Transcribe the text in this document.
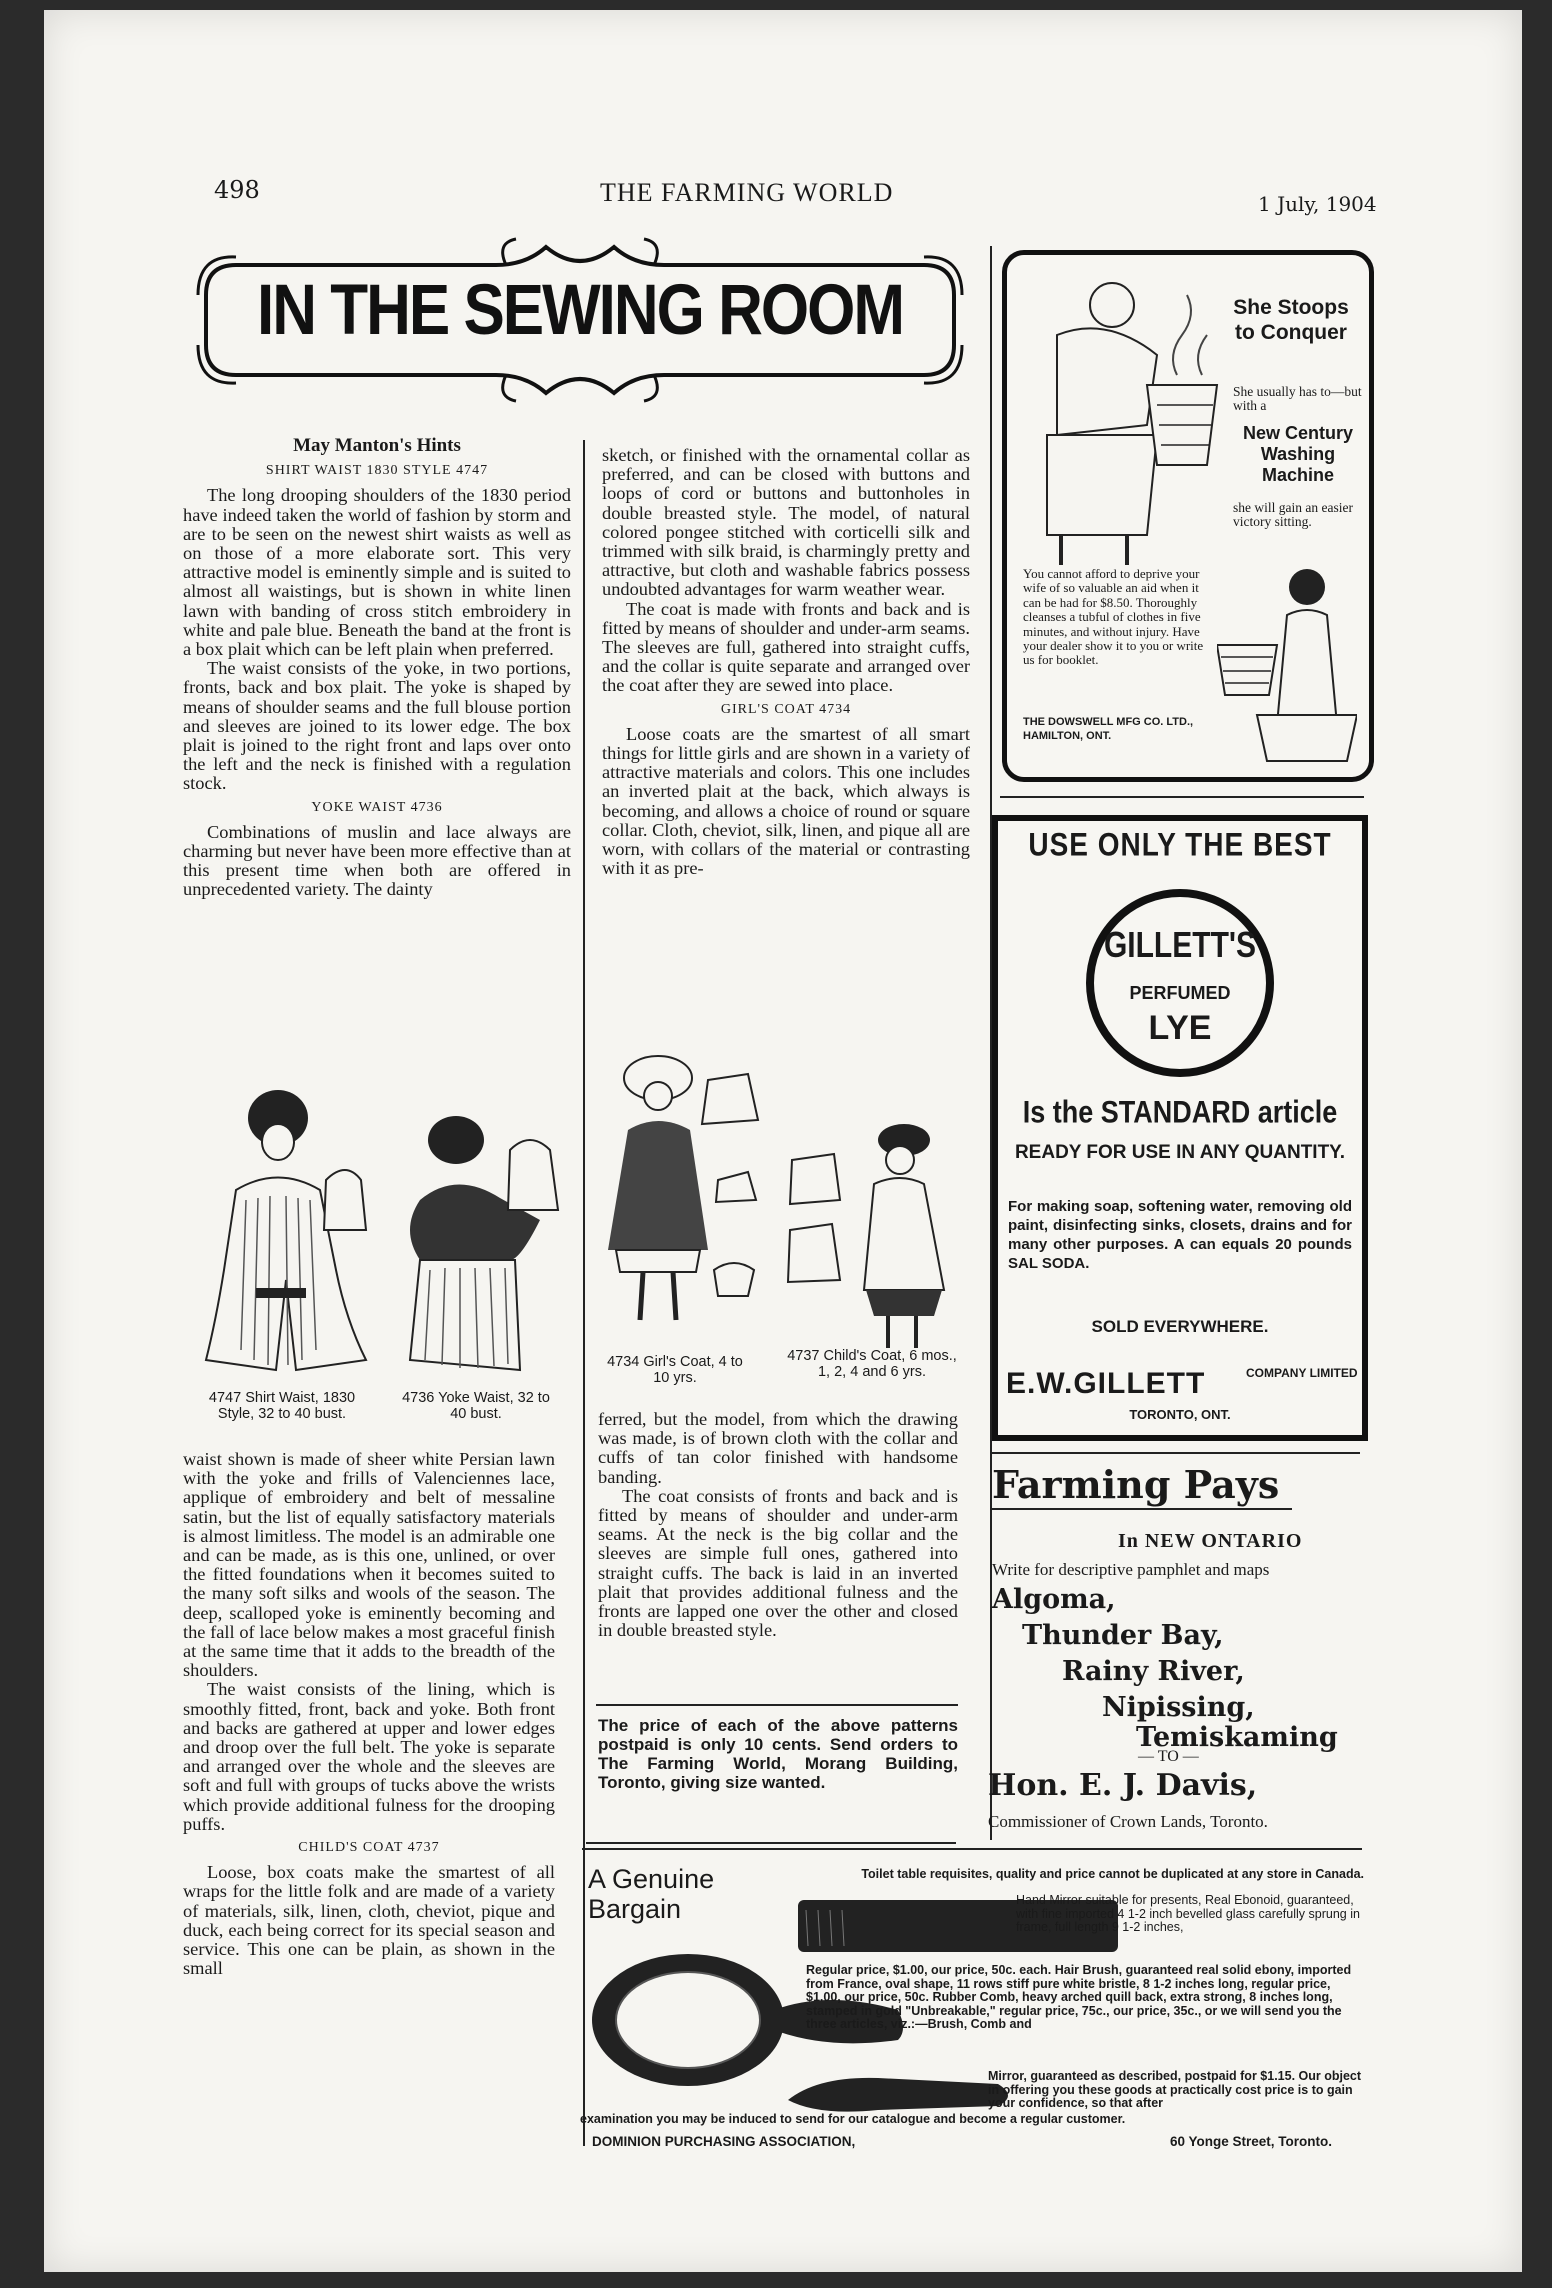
498	THE FARMING WORLD	1 July, 1904
IN THE SEWING ROOM
May Manton's Hints
SHIRT WAIST 1830 STYLE 4747

The long drooping shoulders of the 1830 period have indeed taken the world of fashion by storm and are to be seen on the newest shirt waists as well as on those of a more elaborate sort. This very attractive model is eminently simple and is suited to almost all waistings, but is shown in white linen lawn with banding of cross stitch embroidery in white and pale blue. Beneath the band at the front is a box plait which can be left plain when preferred.

The waist consists of the yoke, in two portions, fronts, back and box plait. The yoke is shaped by means of shoulder seams and the full blouse portion and sleeves are joined to its lower edge. The box plait is joined to the right front and laps over onto the left and the neck is finished with a regulation stock.

YOKE WAIST 4736

Combinations of muslin and lace always are charming but never have been more effective than at this present time when both are offered in unprecedented variety. The dainty

4747 Shirt Waist, 1830 Style, 32 to 40 bust.
4736 Yoke Waist, 32 to 40 bust.

waist shown is made of sheer white Persian lawn with the yoke and frills of Valenciennes lace, applique of embroidery and belt of messaline satin, but the list of equally satisfactory materials is almost limitless. The model is an admirable one and can be made, as is this one, unlined, or over the fitted foundations when it becomes suited to the many soft silks and wools of the season. The deep, scalloped yoke is eminently becoming and the fall of lace below makes a most graceful finish at the same time that it adds to the breadth of the shoulders.

The waist consists of the lining, which is smoothly fitted, front, back and yoke. Both front and backs are gathered at upper and lower edges and droop over the full belt. The yoke is separate and arranged over the whole and the sleeves are soft and full with groups of tucks above the wrists which provide additional fulness for the drooping puffs.

CHILD'S COAT 4737

Loose, box coats make the smartest of all wraps for the little folk and are made of a variety of materials, silk, linen, cloth, cheviot, pique and duck, each being correct for its special season and service. This one can be plain, as shown in the small

sketch, or finished with the ornamental collar as preferred, and can be closed with buttons and loops of cord or buttons and buttonholes in double breasted style. The model, of natural colored pongee stitched with corticelli silk and trimmed with silk braid, is charmingly pretty and attractive, but cloth and washable fabrics possess undoubted advantages for warm weather wear.

The coat is made with fronts and back and is fitted by means of shoulder and under-arm seams. The sleeves are full, gathered into straight cuffs, and the collar is quite separate and arranged over the coat after they are sewed into place.

GIRL'S COAT 4734

Loose coats are the smartest of all smart things for little girls and are shown in a variety of attractive materials and colors. This one includes an inverted plait at the back, which always is becoming, and allows a choice of round or square collar. Cloth, cheviot, silk, linen, and pique all are worn, with collars of the material or contrasting with it as pre-

4734 Girl's Coat, 4 to 10 yrs.
4737 Child's Coat, 6 mos., 1, 2, 4 and 6 yrs.

ferred, but the model, from which the drawing was made, is of brown cloth with the collar and cuffs of tan color finished with handsome banding.

The coat consists of fronts and back and is fitted by means of shoulder and under-arm seams. At the neck is the big collar and the sleeves are simple full ones, gathered into straight cuffs. The back is laid in an inverted plait that provides additional fulness and the fronts are lapped one over the other and closed in double breasted style.

The price of each of the above patterns postpaid is only 10 cents. Send orders to The Farming World, Morang Building, Toronto, giving size wanted.
She Stoops to Conquer
She usually has to—but with a
New Century Washing Machine
she will gain an easier victory sitting.
You cannot afford to deprive your wife of so valuable an aid when it can be had for $8.50. Thoroughly cleanses a tubful of clothes in five minutes, and without injury. Have your dealer show it to you or write us for booklet.
THE DOWSWELL MFG CO. LTD., HAMILTON, ONT.
USE ONLY THE BEST
GILLETT'S
PERFUMED
LYE
Is the STANDARD article
READY FOR USE IN ANY QUANTITY.
For making soap, softening water, removing old paint, disinfecting sinks, closets, drains and for many other purposes. A can equals 20 pounds SAL SODA.
SOLD EVERYWHERE.
E.W.GILLETT	COMPANY LIMITED
TORONTO, ONT.
Farming Pays
In NEW ONTARIO
Write for descriptive pamphlet and maps
Algoma,
Thunder Bay,
Rainy River,
Nipissing,
Temiskaming
— TO —
Hon. E. J. Davis,
Commissioner of Crown Lands, Toronto.
A Genuine Bargain
Toilet table requisites, quality and price cannot be duplicated at any store in Canada.
Hand Mirror suitable for presents, Real Ebonoid, guaranteed, with fine imported 4 1-2 inch bevelled glass carefully sprung in frame, full length 9 1-2 inches,
Regular price, $1.00, our price, 50c. each. Hair Brush, guaranteed real solid ebony, imported from France, oval shape, 11 rows stiff pure white bristle, 8 1-2 inches long, regular price, $1.00, our price, 50c. Rubber Comb, heavy arched quill back, extra strong, 8 inches long, stamped in gold "Unbreakable," regular price, 75c., our price, 35c., or we will send you the three articles, viz.:—Brush, Comb and
Mirror, guaranteed as described, postpaid for $1.15. Our object in offering you these goods at practically cost price is to gain your confidence, so that after
examination you may be induced to send for our catalogue and become a regular customer.
DOMINION PURCHASING ASSOCIATION,	60 Yonge Street, Toronto.
